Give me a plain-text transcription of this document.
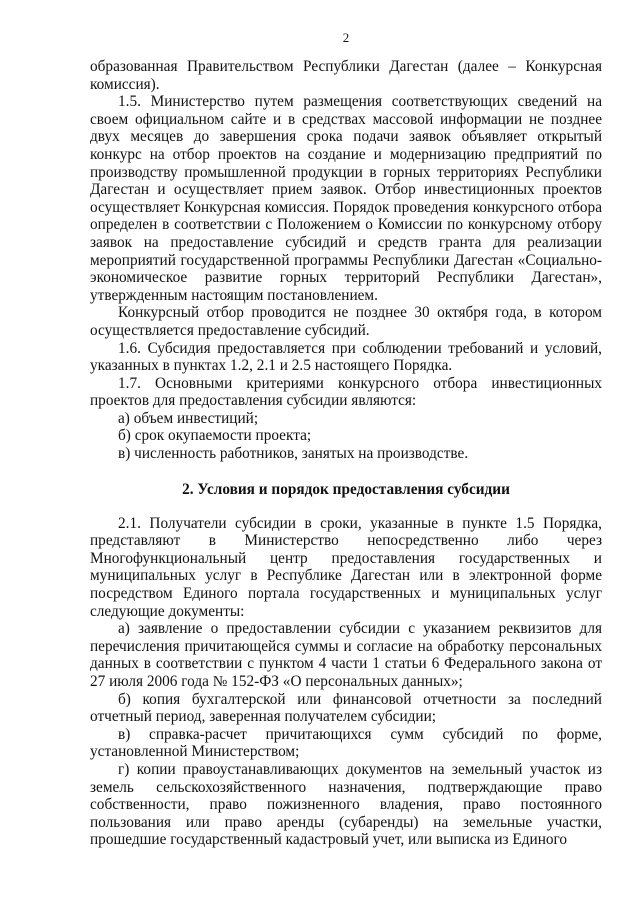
2

образованная Правительством Республики Дагестан (далее – Конкурсная комиссия).

1.5. Министерство путем размещения соответствующих сведений на своем официальном сайте и в средствах массовой информации не позднее двух месяцев до завершения срока подачи заявок объявляет открытый конкурс на отбор проектов на создание и модернизацию предприятий по производству промышленной продукции в горных территориях Республики Дагестан и осуществляет прием заявок. Отбор инвестиционных проектов осуществляет Конкурсная комиссия. Порядок проведения конкурсного отбора определен в соответствии с Положением о Комиссии по конкурсному отбору заявок на предоставление субсидий и средств гранта для реализации мероприятий государственной программы Республики Дагестан «Социально-экономическое развитие горных территорий Республики Дагестан», утвержденным настоящим постановлением.

Конкурсный отбор проводится не позднее 30 октября года, в котором осуществляется предоставление субсидий.

1.6. Субсидия предоставляется при соблюдении требований и условий, указанных в пунктах 1.2, 2.1 и 2.5 настоящего Порядка.

1.7. Основными критериями конкурсного отбора инвестиционных проектов для предоставления субсидии являются:

а) объем инвестиций;

б) срок окупаемости проекта;

в) численность работников, занятых на производстве.

2. Условия и порядок предоставления субсидии

2.1. Получатели субсидии в сроки, указанные в пункте 1.5 Порядка, представляют в Министерство непосредственно либо через Многофункциональный центр предоставления государственных и муниципальных услуг в Республике Дагестан или в электронной форме посредством Единого портала государственных и муниципальных услуг следующие документы:

а) заявление о предоставлении субсидии с указанием реквизитов для перечисления причитающейся суммы и согласие на обработку персональных данных в соответствии с пунктом 4 части 1 статьи 6 Федерального закона от 27 июля 2006 года № 152-ФЗ «О персональных данных»;

б) копия бухгалтерской или финансовой отчетности за последний отчетный период, заверенная получателем субсидии;

в) справка-расчет причитающихся сумм субсидий по форме, установленной Министерством;

г) копии правоустанавливающих документов на земельный участок из земель сельскохозяйственного назначения, подтверждающие право собственности, право пожизненного владения, право постоянного пользования или право аренды (субаренды) на земельные участки, прошедшие государственный кадастровый учет, или выписка из Единого
